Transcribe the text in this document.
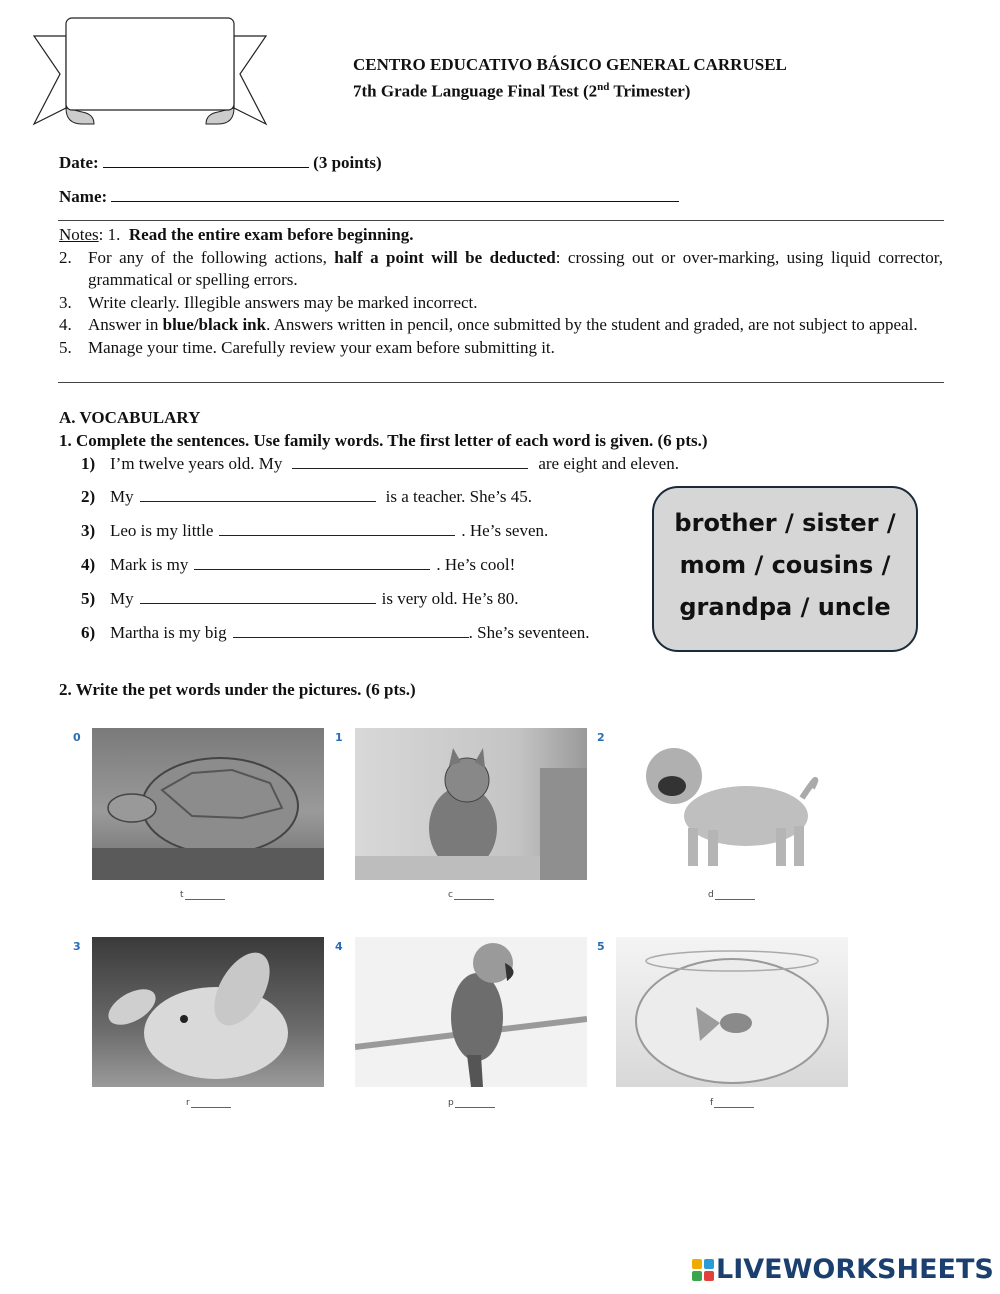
CENTRO EDUCATIVO BÁSICO GENERAL CARRUSEL
7th Grade Language Final Test (2nd Trimester)
Date:	(3 points)
Name:
Notes: 1.  Read the entire exam before beginning.
2. For any of the following actions, half a point will be deducted: crossing out or over-marking, using liquid corrector, grammatical or spelling errors.
3. Write clearly. Illegible answers may be marked incorrect.
4. Answer in blue/black ink. Answers written in pencil, once submitted by the student and graded, are not subject to appeal.
5. Manage your time. Carefully review your exam before submitting it.
A. VOCABULARY
1. Complete the sentences. Use family words. The first letter of each word is given. (6 pts.)
1) I’m twelve years old. My	are eight and eleven.
2) My	is a teacher. She’s 45.
3) Leo is my little	. He’s seven.
4) Mark is my	. He’s cool!
5) My	is very old. He’s 80.
6) Martha is my big	. She’s seventeen.
brother / sister /
mom / cousins /
grandpa / uncle
2. Write the pet words under the pictures. (6 pts.)
0
t
1
c
2
d
3
r
4
p
5
f
LIVEWORKSHEETS
